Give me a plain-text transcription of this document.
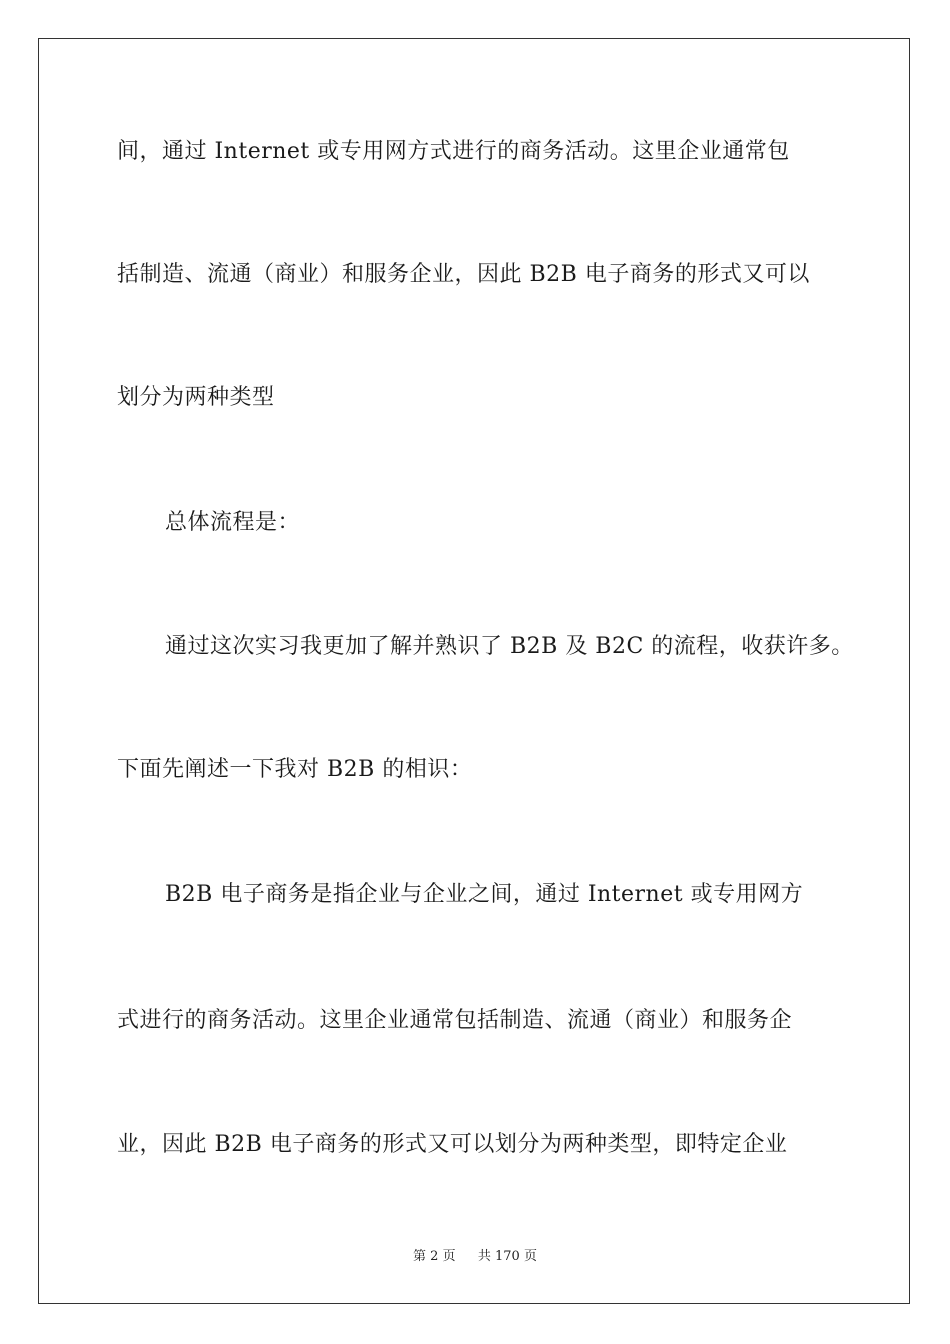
间，通过 Internet 或专用网方式进行的商务活动。这里企业通常包
括制造、流通（商业）和服务企业，因此 B2B 电子商务的形式又可以
划分为两种类型
总体流程是：
通过这次实习我更加了解并熟识了 B2B 及 B2C 的流程，收获许多。
下面先阐述一下我对 B2B 的相识：
B2B 电子商务是指企业与企业之间，通过 Internet 或专用网方
式进行的商务活动。这里企业通常包括制造、流通（商业）和服务企
业，因此 B2B 电子商务的形式又可以划分为两种类型，即特定企业
第 2 页 共 170 页
